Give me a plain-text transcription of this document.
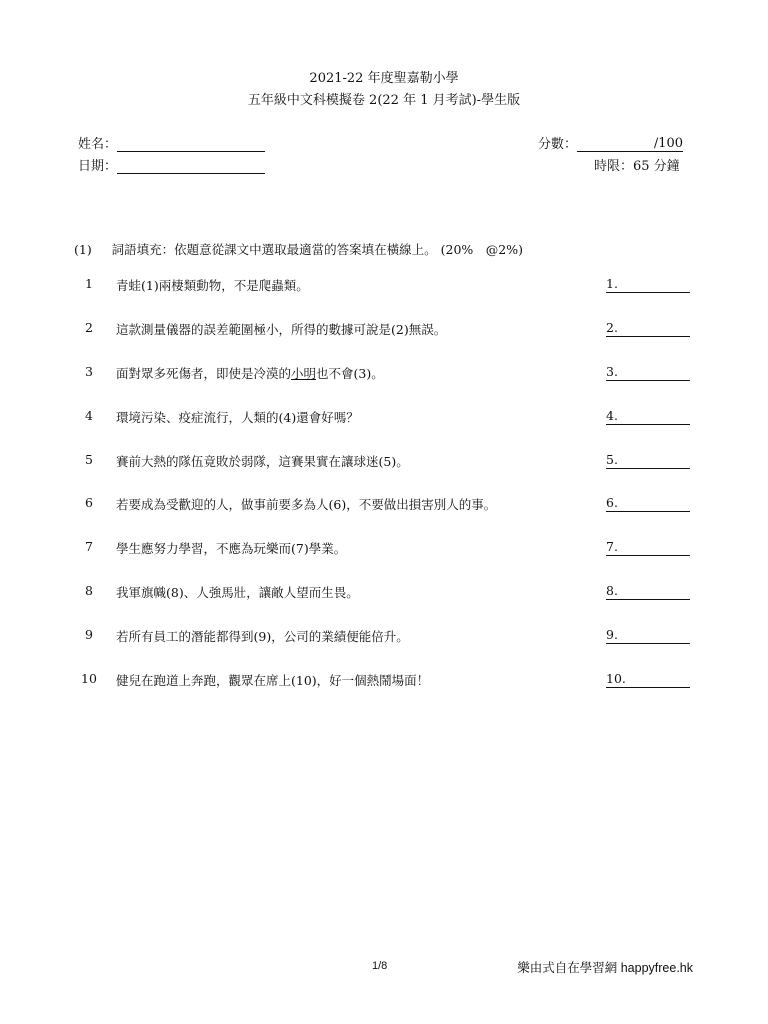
2021-22 年度聖嘉勒小學
五年級中文科模擬卷 2(22 年 1 月考試)-學生版
姓名：
日期：
分數：	/100
時限：65 分鐘
(1) 詞語填充：依題意從課文中選取最適當的答案填在橫線上。 (20%　@2%)
1	青蛙(1)兩棲類動物，不是爬蟲類。	1.
2	這款測量儀器的誤差範圍極小，所得的數據可說是(2)無誤。	2.
3	面對眾多死傷者，即使是冷漠的小明也不會(3)。	3.
4	環境污染、疫症流行，人類的(4)還會好嗎？	4.
5	賽前大熱的隊伍竟敗於弱隊，這賽果實在讓球迷(5)。	5.
6	若要成為受歡迎的人，做事前要多為人(6)，不要做出損害別人的事。	6.
7	學生應努力學習，不應為玩樂而(7)學業。	7.
8	我軍旗幟(8)、人強馬壯，讓敵人望而生畏。	8.
9	若所有員工的潛能都得到(9)，公司的業績便能倍升。	9.
10 健兒在跑道上奔跑，觀眾在席上(10)，好一個熱鬧場面！	10.
1/8	樂由式自在學習網 happyfree.hk
